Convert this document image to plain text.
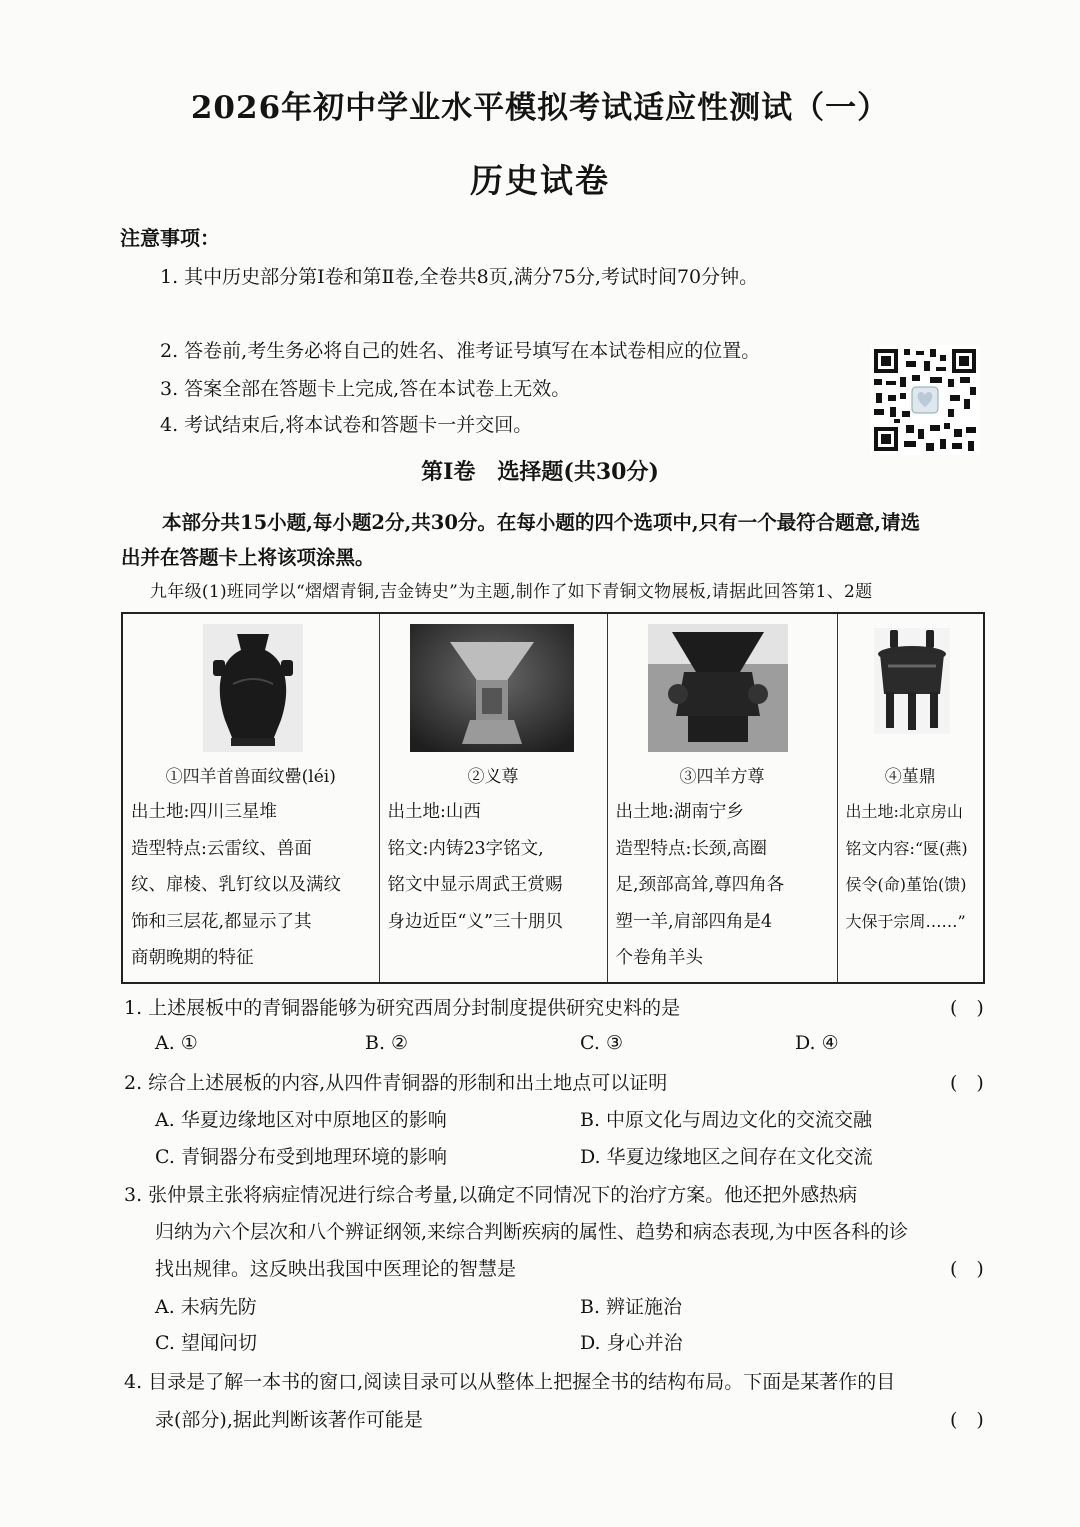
2026年初中学业水平模拟考试适应性测试（一）
历史试卷
注意事项：
1. 其中历史部分第Ⅰ卷和第Ⅱ卷,全卷共8页,满分75分,考试时间70分钟。
2. 答卷前,考生务必将自己的姓名、准考证号填写在本试卷相应的位置。
3. 答案全部在答题卡上完成,答在本试卷上无效。
4. 考试结束后,将本试卷和答题卡一并交回。
第Ⅰ卷　选择题(共30分)
本部分共15小题,每小题2分,共30分。在每小题的四个选项中,只有一个最符合题意,请选
出并在答题卡上将该项涂黑。
九年级(1)班同学以“熠熠青铜,吉金铸史”为主题,制作了如下青铜文物展板,请据此回答第1、2题
①四羊首兽面纹罍(léi)
出土地:四川三星堆
造型特点:云雷纹、兽面
纹、扉棱、乳钉纹以及满纹
饰和三层花,都显示了其
商朝晚期的特征

②义尊
出土地:山西
铭文:内铸23字铭文,
铭文中显示周武王赏赐
身边近臣“义”三十朋贝

③四羊方尊
出土地:湖南宁乡
造型特点:长颈,高圈
足,颈部高耸,尊四角各
塑一羊,肩部四角是4
个卷角羊头

④堇鼎
出土地:北京房山
铭文内容:“匽(燕)
侯令(命)堇饴(馈)
大保于宗周……”
1. 上述展板中的青铜器能够为研究西周分封制度提供研究史料的是	(　)
A. ①	B. ②	C. ③	D. ④
2. 综合上述展板的内容,从四件青铜器的形制和出土地点可以证明	(　)
A. 华夏边缘地区对中原地区的影响	B. 中原文化与周边文化的交流交融
C. 青铜器分布受到地理环境的影响	D. 华夏边缘地区之间存在文化交流
3. 张仲景主张将病症情况进行综合考量,以确定不同情况下的治疗方案。他还把外感热病
归纳为六个层次和八个辨证纲领,来综合判断疾病的属性、趋势和病态表现,为中医各科的诊
找出规律。这反映出我国中医理论的智慧是	(　)
A. 未病先防	B. 辨证施治
C. 望闻问切	D. 身心并治
4. 目录是了解一本书的窗口,阅读目录可以从整体上把握全书的结构布局。下面是某著作的目
录(部分),据此判断该著作可能是	(　)
